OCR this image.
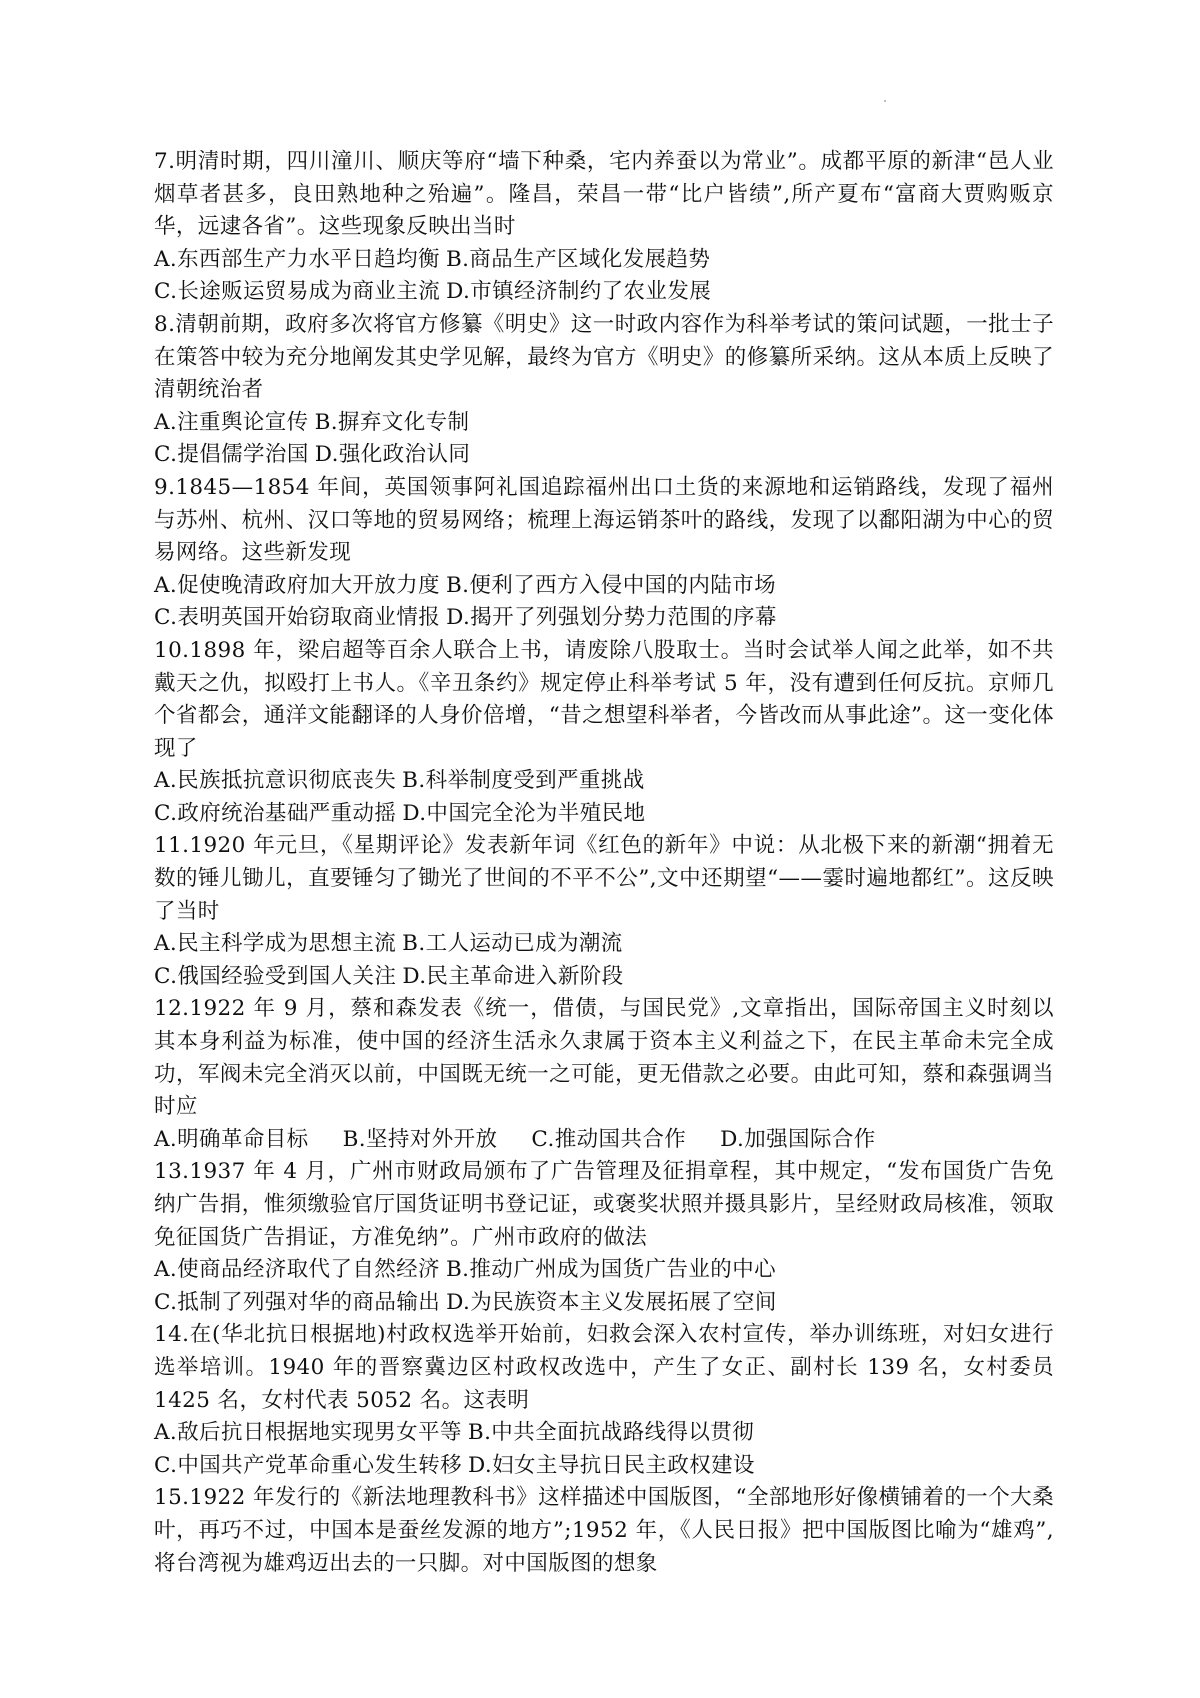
7.明清时期，四川潼川、顺庆等府“墙下种桑，宅内养蚕以为常业”。成都平原的新津“邑人业烟草者甚多，良田熟地种之殆遍”。隆昌，荣昌一带“比户皆绩”,所产夏布“富商大贾购贩京华，远逮各省”。这些现象反映出当时

A.东西部生产力水平日趋均衡 B.商品生产区域化发展趋势

C.长途贩运贸易成为商业主流 D.市镇经济制约了农业发展

8.清朝前期，政府多次将官方修纂《明史》这一时政内容作为科举考试的策问试题，一批士子在策答中较为充分地阐发其史学见解，最终为官方《明史》的修纂所采纳。这从本质上反映了清朝统治者

A.注重舆论宣传 B.摒弃文化专制

C.提倡儒学治国 D.强化政治认同

9.1845—1854 年间，英国领事阿礼国追踪福州出口土货的来源地和运销路线，发现了福州与苏州、杭州、汉口等地的贸易网络；梳理上海运销茶叶的路线，发现了以鄱阳湖为中心的贸易网络。这些新发现

A.促使晚清政府加大开放力度 B.便利了西方入侵中国的内陆市场

C.表明英国开始窃取商业情报 D.揭开了列强划分势力范围的序幕

10.1898 年，梁启超等百余人联合上书，请废除八股取士。当时会试举人闻之此举，如不共戴天之仇，拟殴打上书人。《辛丑条约》规定停止科举考试 5 年，没有遭到任何反抗。京师几个省都会，通洋文能翻译的人身价倍增，“昔之想望科举者，今皆改而从事此途”。这一变化体现了

A.民族抵抗意识彻底丧失 B.科举制度受到严重挑战

C.政府统治基础严重动摇 D.中国完全沦为半殖民地

11.1920 年元旦，《星期评论》发表新年词《红色的新年》中说：从北极下来的新潮“拥着无数的锤儿锄儿，直要锤匀了锄光了世间的不平不公”,文中还期望“——霎时遍地都红”。这反映了当时

A.民主科学成为思想主流 B.工人运动已成为潮流

C.俄国经验受到国人关注 D.民主革命进入新阶段

12.1922 年 9 月，蔡和森发表《统一，借债，与国民党》,文章指出，国际帝国主义时刻以其本身利益为标准，使中国的经济生活永久隶属于资本主义利益之下，在民主革命未完全成功，军阀未完全消灭以前，中国既无统一之可能，更无借款之必要。由此可知，蔡和森强调当时应

A.明确革命目标 B.坚持对外开放 C.推动国共合作 D.加强国际合作

13.1937 年 4 月，广州市财政局颁布了广告管理及征捐章程，其中规定，“发布国货广告免纳广告捐，惟须缴验官厅国货证明书登记证，或褒奖状照并摄具影片，呈经财政局核准，领取免征国货广告捐证，方准免纳”。广州市政府的做法

A.使商品经济取代了自然经济 B.推动广州成为国货广告业的中心

C.抵制了列强对华的商品输出 D.为民族资本主义发展拓展了空间

14.在(华北抗日根据地)村政权选举开始前，妇救会深入农村宣传，举办训练班，对妇女进行选举培训。1940 年的晋察冀边区村政权改选中，产生了女正、副村长 139 名，女村委员 1425 名，女村代表 5052 名。这表明

A.敌后抗日根据地实现男女平等 B.中共全面抗战路线得以贯彻

C.中国共产党革命重心发生转移 D.妇女主导抗日民主政权建设

15.1922 年发行的《新法地理教科书》这样描述中国版图，“全部地形好像横铺着的一个大桑叶，再巧不过，中国本是蚕丝发源的地方”;1952 年，《人民日报》把中国版图比喻为“雄鸡”,将台湾视为雄鸡迈出去的一只脚。对中国版图的想象
